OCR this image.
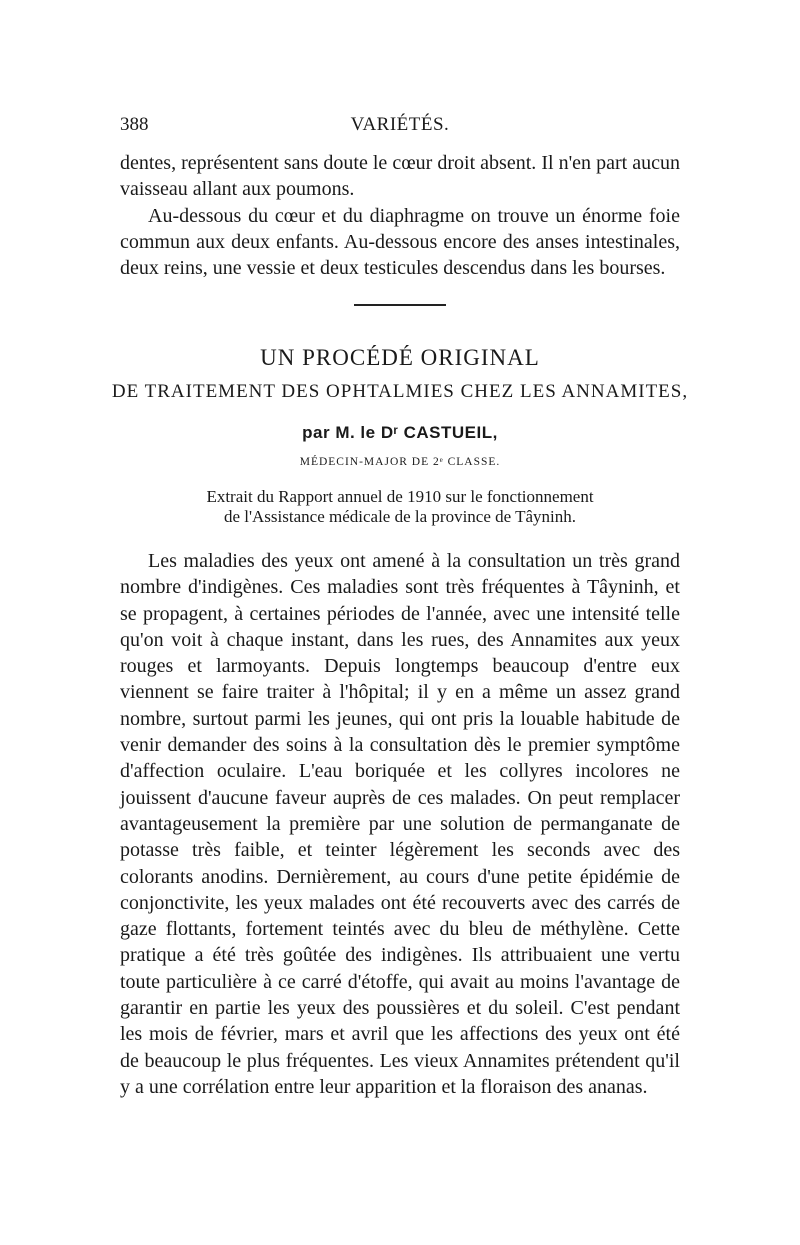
388	VARIÉTÉS.

dentes, représentent sans doute le cœur droit absent. Il n'en part aucun vaisseau allant aux poumons.

Au-dessous du cœur et du diaphragme on trouve un énorme foie commun aux deux enfants. Au-dessous encore des anses intestinales, deux reins, une vessie et deux testicules descendus dans les bourses.

UN PROCÉDÉ ORIGINAL
DE TRAITEMENT DES OPHTALMIES CHEZ LES ANNAMITES,
par M. le Dʳ CASTUEIL,
MÉDECIN-MAJOR DE 2ᵉ CLASSE.
Extrait du Rapport annuel de 1910 sur le fonctionnement
de l'Assistance médicale de la province de Tâyninh.

Les maladies des yeux ont amené à la consultation un très grand nombre d'indigènes. Ces maladies sont très fréquentes à Tâyninh, et se propagent, à certaines périodes de l'année, avec une intensité telle qu'on voit à chaque instant, dans les rues, des Annamites aux yeux rouges et larmoyants. Depuis longtemps beaucoup d'entre eux viennent se faire traiter à l'hôpital; il y en a même un assez grand nombre, surtout parmi les jeunes, qui ont pris la louable habitude de venir demander des soins à la consultation dès le premier symptôme d'affection oculaire. L'eau boriquée et les collyres incolores ne jouissent d'aucune faveur auprès de ces malades. On peut remplacer avantageusement la première par une solution de permanganate de potasse très faible, et teinter légèrement les seconds avec des colorants anodins. Dernièrement, au cours d'une petite épidémie de conjonctivite, les yeux malades ont été recouverts avec des carrés de gaze flottants, fortement teintés avec du bleu de méthylène. Cette pratique a été très goûtée des indigènes. Ils attribuaient une vertu toute particulière à ce carré d'étoffe, qui avait au moins l'avantage de garantir en partie les yeux des poussières et du soleil. C'est pendant les mois de février, mars et avril que les affections des yeux ont été de beaucoup le plus fréquentes. Les vieux Annamites prétendent qu'il y a une corrélation entre leur apparition et la floraison des ananas.
